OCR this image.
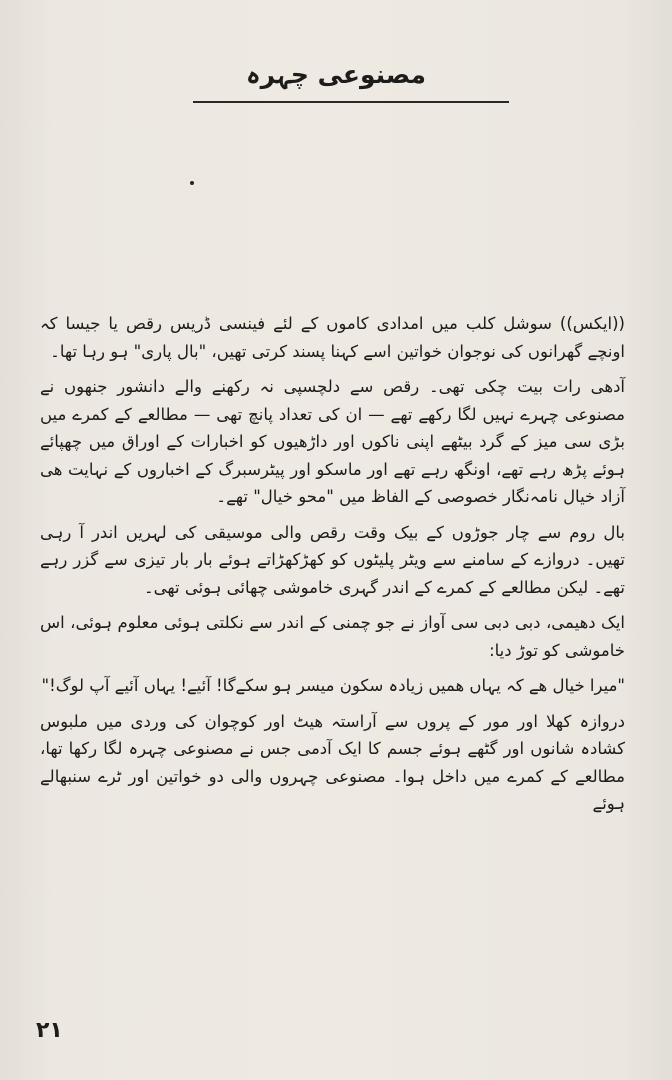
مصنوعی چہرہ

((ایکس)) سوشل کلب میں امدادی کاموں کے لئے فینسی ڈریس رقص یا جیسا کہ اونچے گھرانوں کی نوجوان خواتین اسے کہنا پسند کرتی تھیں، "بال پاری" ہو رہا تھا۔

آدھی رات بیت چکی تھی۔ رقص سے دلچسپی نہ رکھنے والے دانشور جنھوں نے مصنوعی چہرے نہیں لگا رکھے تھے — ان کی تعداد پانچ تھی — مطالعے کے کمرے میں بڑی سی میز کے گرد بیٹھے اپنی ناکوں اور داڑھیوں کو اخبارات کے اوراق میں چھپائے ہوئے پڑھ رہے تھے، اونگھ رہے تھے اور ماسکو اور پیٹرسبرگ کے اخباروں کے نہایت ھی آزاد خیال نامہ‌نگار خصوصی کے الفاظ میں "محو خیال" تھے۔

بال روم سے چار جوڑوں کے بیک وقت رقص والی موسیقی کی لہریں اندر آ رہی تھیں۔ دروازے کے سامنے سے ویٹر پلیٹوں کو کھڑکھڑاتے ہوئے بار بار تیزی سے گزر رہے تھے۔ لیکن مطالعے کے کمرے کے اندر گہری خاموشی چھائی ہوئی تھی۔

ایک دھیمی، دبی دبی سی آواز نے جو چمنی کے اندر سے نکلتی ہوئی معلوم ہوئی، اس خاموشی کو توڑ دیا:

"میرا خیال ھے کہ یہاں ھمیں زیادہ سکون میسر ہو سکےگا! آئیے! یہاں آئیے آپ لوگ!"

دروازہ کھلا اور مور کے پروں سے آراستہ ھیٹ اور کوچوان کی وردی میں ملبوس کشادہ شانوں اور گٹھے ہوئے جسم کا ایک آدمی جس نے مصنوعی چہرہ لگا رکھا تھا، مطالعے کے کمرے میں داخل ہوا۔ مصنوعی چہروں والی دو خواتین اور ٹرے سنبھالے ہوئے

۲۱
